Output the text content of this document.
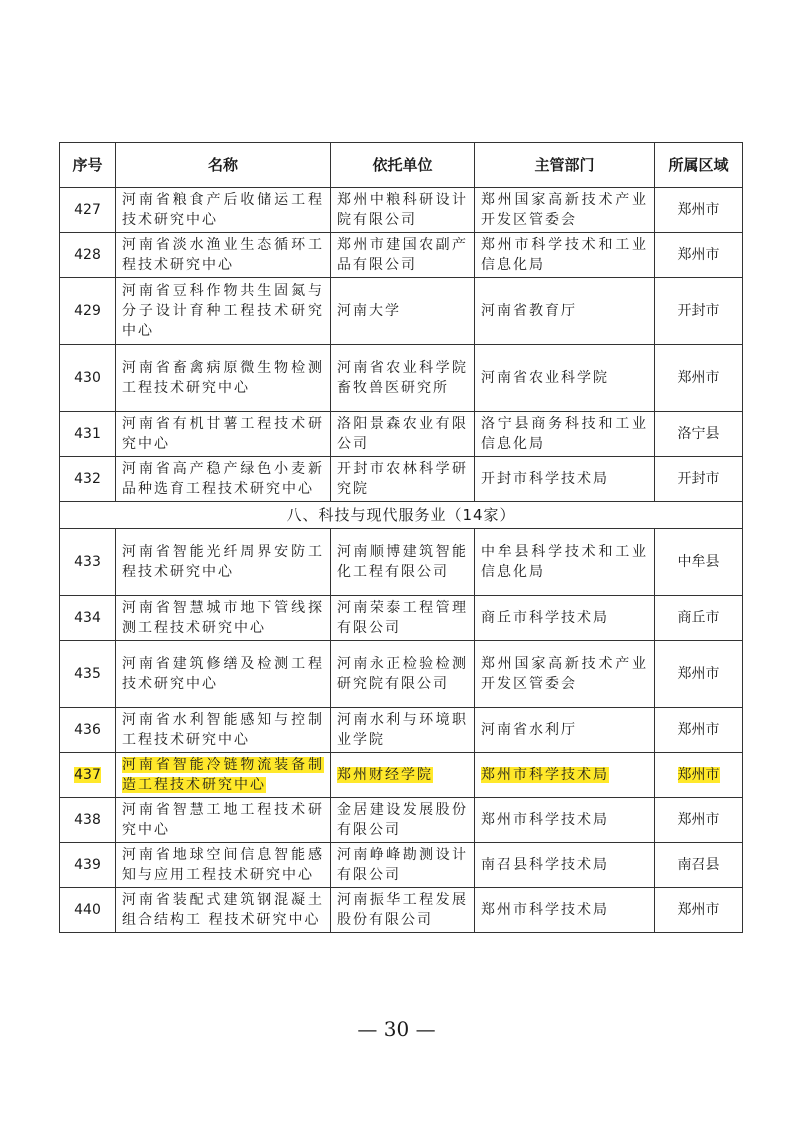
序号	名称	依托单位	主管部门	所属区域
427	河南省粮食产后收储运工程技术研究中心	郑州中粮科研设计院有限公司	郑州国家高新技术产业开发区管委会	郑州市
428	河南省淡水渔业生态循环工程技术研究中心	郑州市建国农副产品有限公司	郑州市科学技术和工业信息化局	郑州市
429	河南省豆科作物共生固氮与分子设计育种工程技术研究中心	河南大学	河南省教育厅	开封市
430	河南省畜禽病原微生物检测工程技术研究中心	河南省农业科学院畜牧兽医研究所	河南省农业科学院	郑州市
431	河南省有机甘薯工程技术研究中心	洛阳景森农业有限公司	洛宁县商务科技和工业信息化局	洛宁县
432	河南省高产稳产绿色小麦新品种选育工程技术研究中心	开封市农林科学研究院	开封市科学技术局	开封市
八、科技与现代服务业（14家）				
433	河南省智能光纤周界安防工程技术研究中心	河南顺博建筑智能化工程有限公司	中牟县科学技术和工业信息化局	中牟县
434	河南省智慧城市地下管线探测工程技术研究中心	河南荣泰工程管理有限公司	商丘市科学技术局	商丘市
435	河南省建筑修缮及检测工程技术研究中心	河南永正检验检测研究院有限公司	郑州国家高新技术产业开发区管委会	郑州市
436	河南省水利智能感知与控制工程技术研究中心	河南水利与环境职业学院	河南省水利厅	郑州市
437	河南省智能冷链物流装备制造工程技术研究中心	郑州财经学院	郑州市科学技术局	郑州市
438	河南省智慧工地工程技术研究中心	金居建设发展股份有限公司	郑州市科学技术局	郑州市
439	河南省地球空间信息智能感知与应用工程技术研究中心	河南峥峰勘测设计有限公司	南召县科学技术局	南召县
440	河南省装配式建筑钢混凝土组合结构工 程技术研究中心	河南振华工程发展股份有限公司	郑州市科学技术局	郑州市
— 30 —
